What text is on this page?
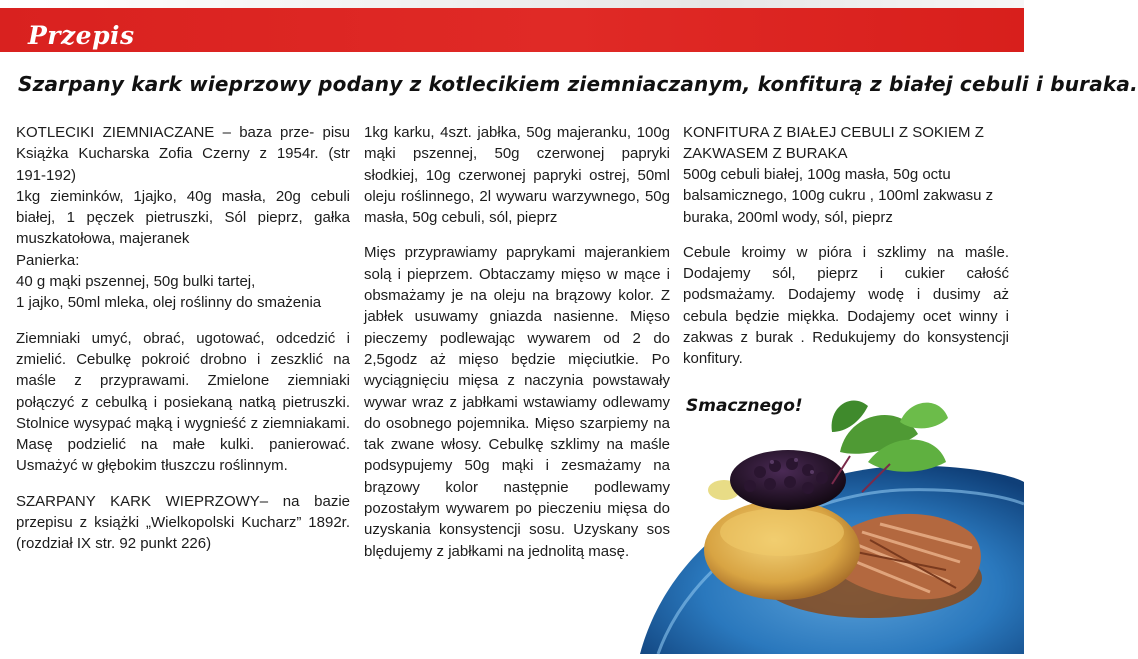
Przepis
Szarpany kark wieprzowy podany z kotlecikiem ziemniaczanym, konfiturą z białej cebuli i buraka.

KOTLECIKI ZIEMNIACZANE – baza prze- pisu Książka Kucharska Zofia Czerny z 1954r. (str 191-192)

1kg zieminków, 1jajko, 40g masła, 20g cebuli białej, 1 pęczek pietruszki, Sól pieprz, gałka muszkatołowa, majeranek

Panierka:

40 g mąki pszennej, 50g bulki tartej,

1 jajko, 50ml mleka, olej roślinny do smażenia

Ziemniaki umyć, obrać, ugotować, odcedzić i zmielić. Cebulkę pokroić drobno i zeszklić na maśle z przyprawami. Zmielone ziemniaki połączyć z cebulką i posiekaną natką pietruszki. Stolnice wysypać mąką i wygnieść z ziemniakami. Masę podzielić na małe kulki. panierować. Usmażyć w głębokim tłuszczu roślinnym.

SZARPANY KARK WIEPRZOWY– na bazie przepisu z książki „Wielkopolski Kucharz” 1892r. (rozdział IX str. 92 punkt 226)

1kg karku, 4szt. jabłka, 50g majeranku, 100g mąki pszennej, 50g czerwonej papryki słodkiej, 10g czerwonej papryki ostrej, 50ml oleju roślinnego, 2l wywaru warzywnego, 50g masła, 50g cebuli, sól, pieprz

Mięs przyprawiamy paprykami majerankiem solą i pieprzem. Obtaczamy mięso w mące i obsmażamy je na oleju na brązowy kolor. Z jabłek usuwamy gniazda nasienne. Mięso pieczemy podlewając wywarem od 2 do 2,5godz aż mięso będzie mięciutkie. Po wyciągnięciu mięsa z naczynia powstawały wywar wraz z jabłkami wstawiamy odlewamy do osobnego pojemnika. Mięso szarpiemy na tak zwane włosy. Cebulkę szklimy na maśle podsypujemy 50g mąki i zesmażamy na brązowy kolor następnie podlewamy pozostałym wywarem po pieczeniu mięsa do uzyskania konsystencji sosu. Uzyskany sos blędujemy z jabłkami na jednolitą masę.

KONFITURA Z BIAŁEJ CEBULI Z SOKIEM Z ZAKWASEM Z BURAKA

500g cebuli białej, 100g masła, 50g octu balsamicznego, 100g cukru , 100ml zakwasu z buraka, 200ml wody, sól, pieprz

Cebule kroimy w pióra i szklimy na maśle. Dodajemy sól, pieprz i cukier całość podsmażamy. Dodajemy wodę i dusimy aż cebula będzie miękka. Dodajemy ocet winny i zakwas z burak . Redukujemy do konsystencji konfitury.

Smacznego!
